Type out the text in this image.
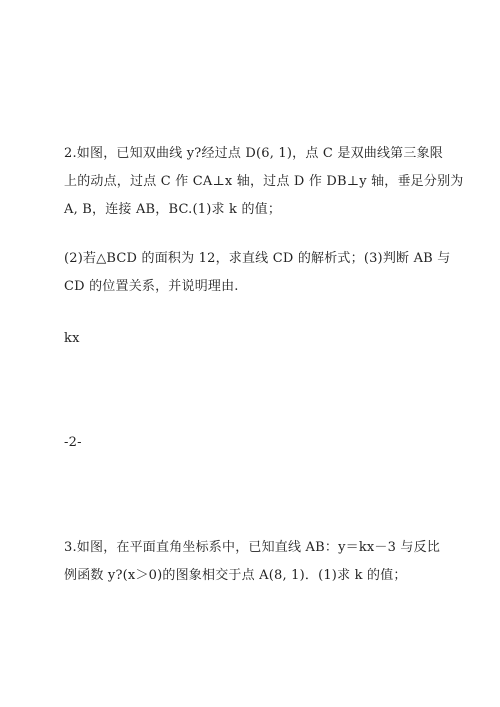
2.如图，已知双曲线 y?经过点 D(6, 1)，点 C 是双曲线第三象限
上的动点，过点 C 作 CA⊥x 轴，过点 D 作 DB⊥y 轴，垂足分别为
A, B，连接 AB，BC.(1)求 k 的值；
(2)若△BCD 的面积为 12，求直线 CD 的解析式；(3)判断 AB 与
CD 的位置关系，并说明理由.
kx
-2-
3.如图，在平面直角坐标系中，已知直线 AB：y＝kx－3 与反比
例函数 y?(x＞0)的图象相交于点 A(8, 1)．(1)求 k 的值；
